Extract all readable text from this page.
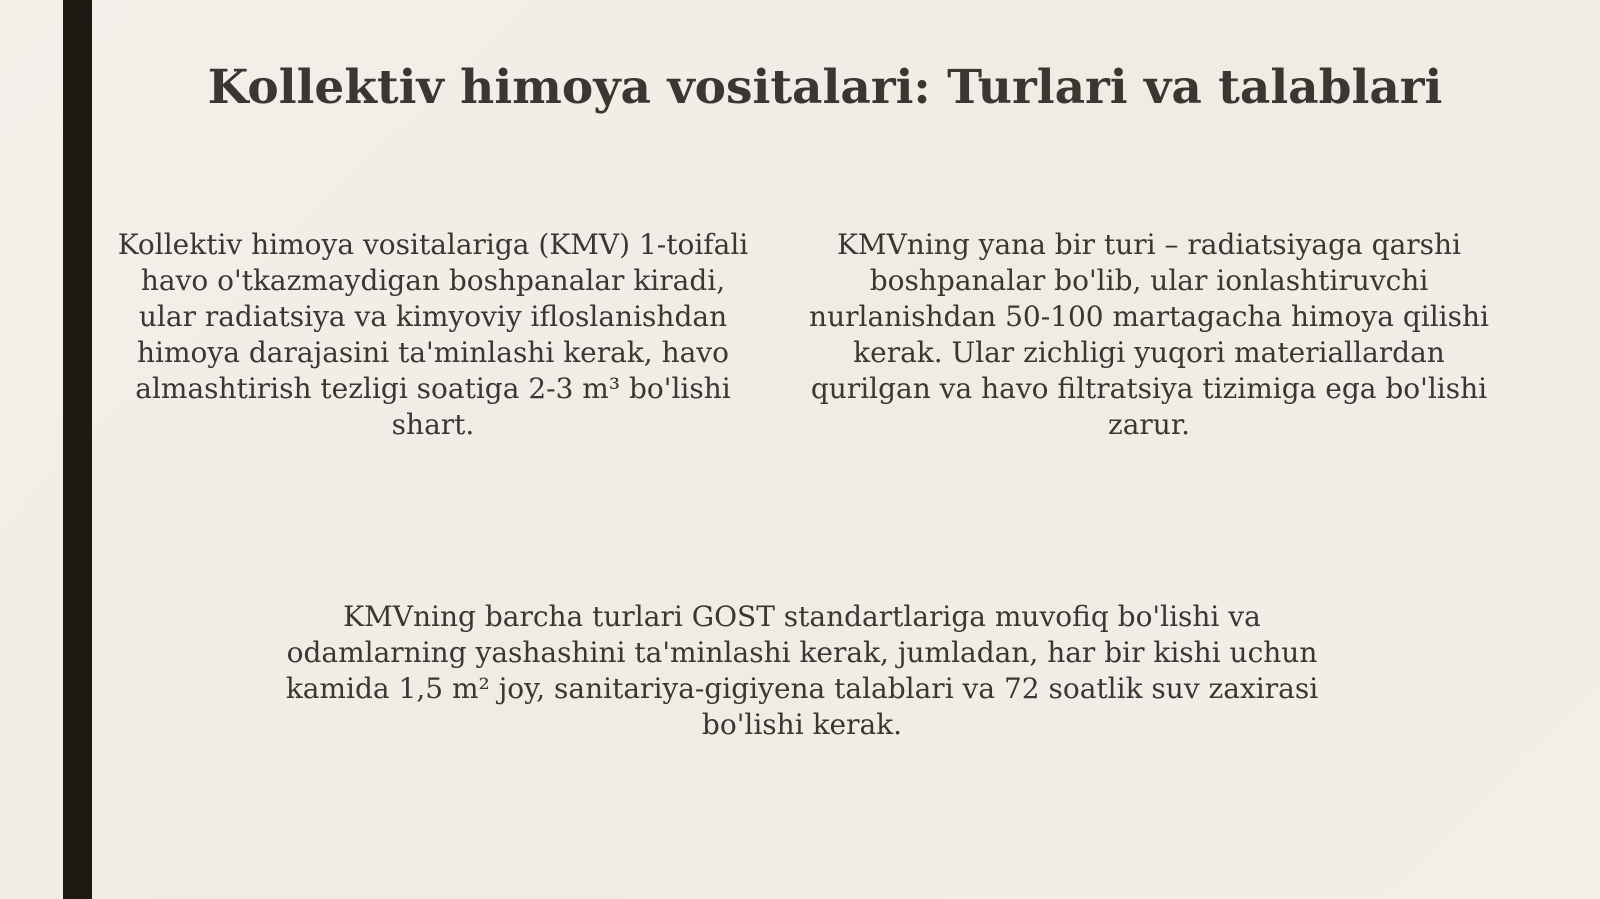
Kollektiv himoya vositalari: Turlari va talablari
Kollektiv himoya vositalariga (KMV) 1-toifali havo o'tkazmaydigan boshpanalar kiradi, ular radiatsiya va kimyoviy ifloslanishdan himoya darajasini ta'minlashi kerak, havo almashtirish tezligi soatiga 2-3 m³ bo'lishi shart.
KMVning yana bir turi – radiatsiyaga qarshi boshpanalar bo'lib, ular ionlashtiruvchi nurlanishdan 50-100 martagacha himoya qilishi kerak. Ular zichligi yuqori materiallardan qurilgan va havo filtratsiya tizimiga ega bo'lishi zarur.
KMVning barcha turlari GOST standartlariga muvofiq bo'lishi va odamlarning yashashini ta'minlashi kerak, jumladan, har bir kishi uchun kamida 1,5 m² joy, sanitariya-gigiyena talablari va 72 soatlik suv zaxirasi bo'lishi kerak.
